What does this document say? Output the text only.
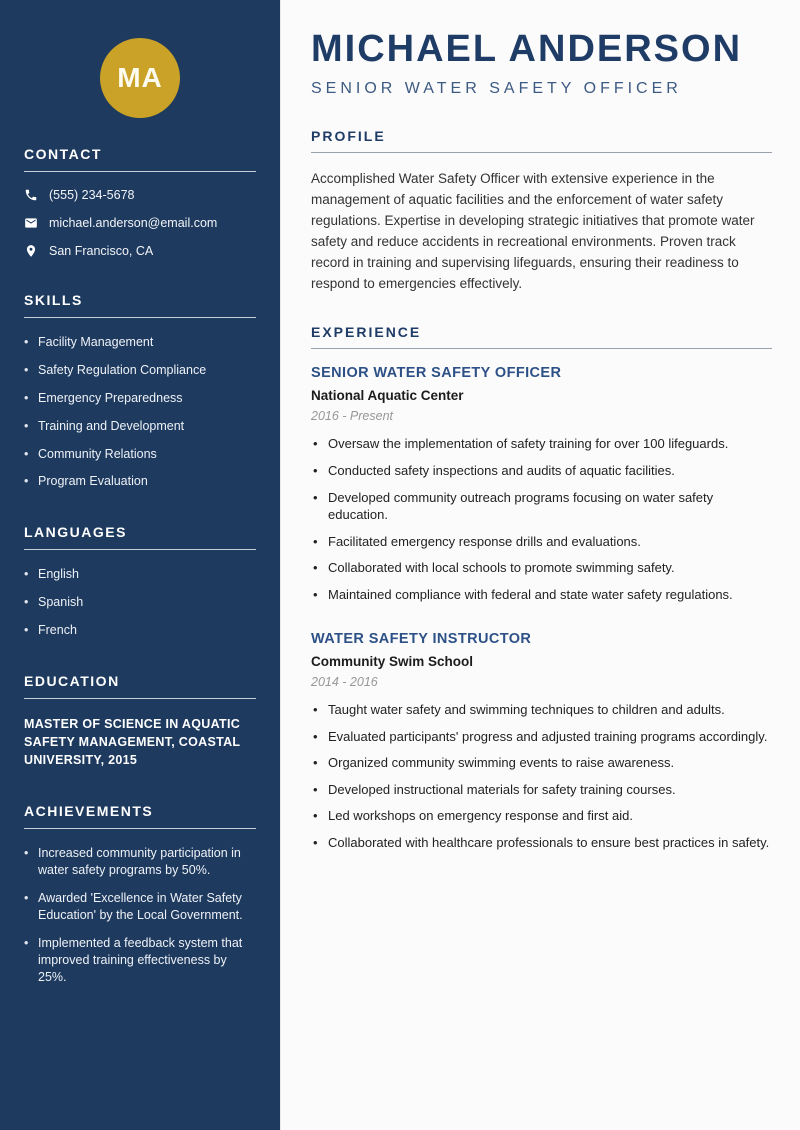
MA
CONTACT
(555) 234-5678
michael.anderson@email.com
San Francisco, CA
SKILLS
• Facility Management
• Safety Regulation Compliance
• Emergency Preparedness
• Training and Development
• Community Relations
• Program Evaluation
LANGUAGES
• English
• Spanish
• French
EDUCATION
MASTER OF SCIENCE IN AQUATIC SAFETY MANAGEMENT, COASTAL UNIVERSITY, 2015
ACHIEVEMENTS
• Increased community participation in water safety programs by 50%.
• Awarded 'Excellence in Water Safety Education' by the Local Government.
• Implemented a feedback system that improved training effectiveness by 25%.
MICHAEL ANDERSON
SENIOR WATER SAFETY OFFICER
PROFILE

Accomplished Water Safety Officer with extensive experience in the management of aquatic facilities and the enforcement of water safety regulations. Expertise in developing strategic initiatives that promote water safety and reduce accidents in recreational environments. Proven track record in training and supervising lifeguards, ensuring their readiness to respond to emergencies effectively.

EXPERIENCE
SENIOR WATER SAFETY OFFICER
National Aquatic Center
2016 - Present
• Oversaw the implementation of safety training for over 100 lifeguards.
• Conducted safety inspections and audits of aquatic facilities.
• Developed community outreach programs focusing on water safety education.
• Facilitated emergency response drills and evaluations.
• Collaborated with local schools to promote swimming safety.
• Maintained compliance with federal and state water safety regulations.
WATER SAFETY INSTRUCTOR
Community Swim School
2014 - 2016
• Taught water safety and swimming techniques to children and adults.
• Evaluated participants' progress and adjusted training programs accordingly.
• Organized community swimming events to raise awareness.
• Developed instructional materials for safety training courses.
• Led workshops on emergency response and first aid.
• Collaborated with healthcare professionals to ensure best practices in safety.
